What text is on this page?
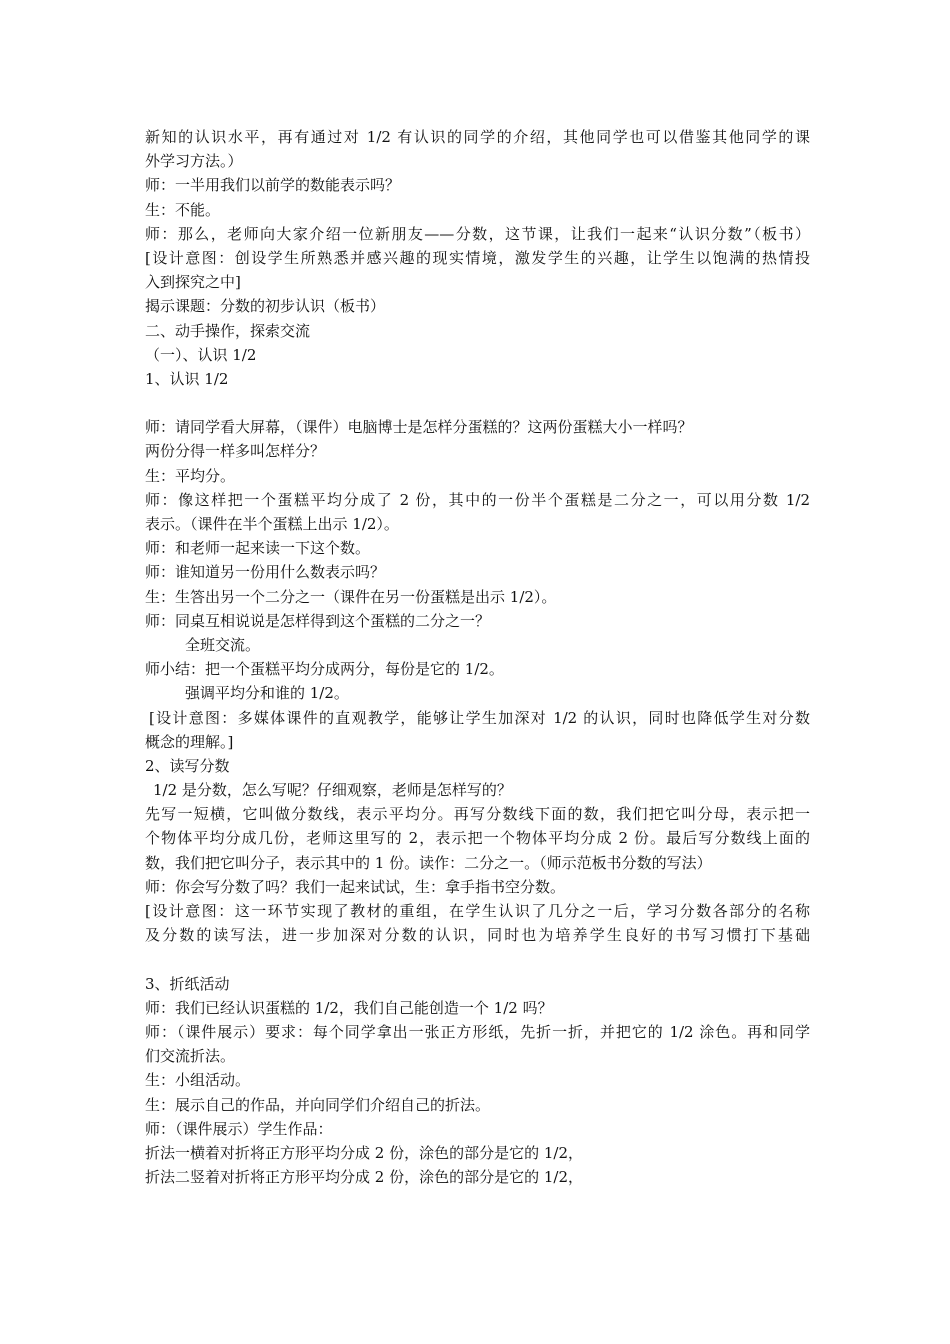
新知的认识水平，再有通过对 1/2 有认识的同学的介绍，其他同学也可以借鉴其他同学的课
外学习方法。）
师：一半用我们以前学的数能表示吗？
生：不能。
师：那么，老师向大家介绍一位新朋友——分数，这节课，让我们一起来“认识分数”（板书）
[设计意图：创设学生所熟悉并感兴趣的现实情境，激发学生的兴趣，让学生以饱满的热情投
入到探究之中]
揭示课题：分数的初步认识（板书）
二、动手操作，探索交流
（一）、认识 1/2
1、认识 1/2
师：请同学看大屏幕，（课件）电脑博士是怎样分蛋糕的？这两份蛋糕大小一样吗？
两份分得一样多叫怎样分？
生：平均分。
师：像这样把一个蛋糕平均分成了 2 份，其中的一份半个蛋糕是二分之一，可以用分数 1/2
表示。（课件在半个蛋糕上出示 1/2）。
师：和老师一起来读一下这个数。
师：谁知道另一份用什么数表示吗？
生：生答出另一个二分之一（课件在另一份蛋糕是出示 1/2）。
师：同桌互相说说是怎样得到这个蛋糕的二分之一？
全班交流。
师小结：把一个蛋糕平均分成两分，每份是它的 1/2。
强调平均分和谁的 1/2。
[设计意图：多媒体课件的直观教学，能够让学生加深对 1/2 的认识，同时也降低学生对分数
概念的理解。]
2、读写分数
1/2 是分数，怎么写呢？仔细观察，老师是怎样写的？
先写一短横，它叫做分数线，表示平均分。再写分数线下面的数，我们把它叫分母，表示把一
个物体平均分成几份，老师这里写的 2，表示把一个物体平均分成 2 份。最后写分数线上面的
数，我们把它叫分子，表示其中的 1 份。读作：二分之一。（师示范板书分数的写法）
师：你会写分数了吗？我们一起来试试，生：拿手指书空分数。
[设计意图：这一环节实现了教材的重组，在学生认识了几分之一后，学习分数各部分的名称
及分数的读写法，进一步加深对分数的认识，同时也为培养学生良好的书写习惯打下基础
3、折纸活动
师：我们已经认识蛋糕的 1/2，我们自己能创造一个 1/2 吗？
师：（课件展示）要求：每个同学拿出一张正方形纸，先折一折，并把它的 1/2 涂色。再和同学
们交流折法。
生：小组活动。
生：展示自己的作品，并向同学们介绍自己的折法。
师：（课件展示）学生作品：
折法一横着对折将正方形平均分成 2 份，涂色的部分是它的 1/2，
折法二竖着对折将正方形平均分成 2 份，涂色的部分是它的 1/2，
